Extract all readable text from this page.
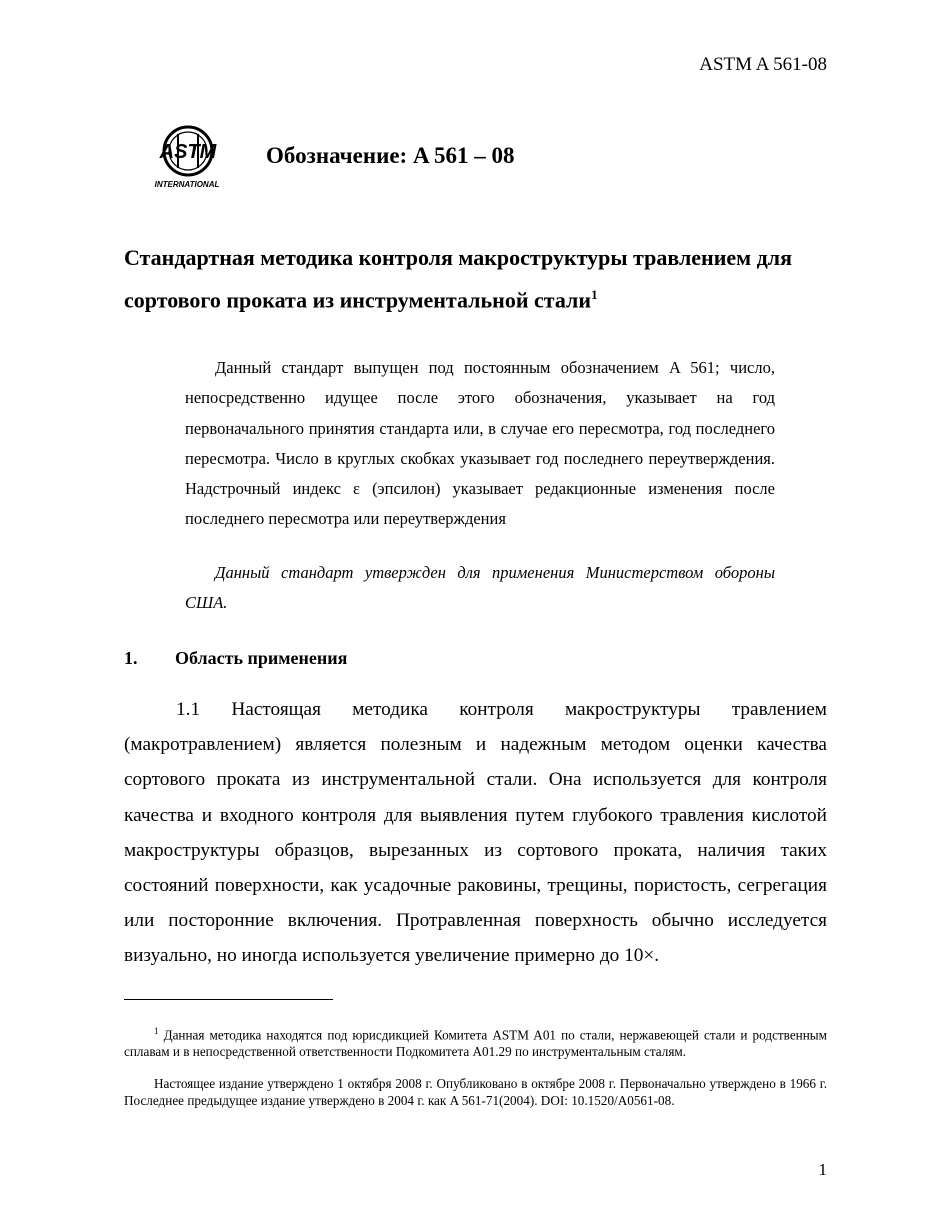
ASTM A 561-08
ASTM
INTERNATIONAL
Обозначение: A 561 – 08
Стандартная методика контроля макроструктуры травлением для сортового проката из инструментальной стали$^1$

Данный стандарт выпущен под постоянным обозначением A 561; число, непосредственно идущее после этого обозначения, указывает на год первоначального принятия стандарта или, в случае его пересмотра, год последнего пересмотра. Число в круглых скобках указывает год последнего переутверждения. Надстрочный индекс ε (эпсилон) указывает редакционные изменения после последнего пересмотра или переутверждения

Данный стандарт утвержден для применения Министерством обороны США.

1. Область применения

1.1 Настоящая методика контроля макроструктуры травлением (макротравлением) является полезным и надежным методом оценки качества сортового проката из инструментальной стали. Она используется для контроля качества и входного контроля для выявления путем глубокого травления кислотой макроструктуры образцов, вырезанных из сортового проката, наличия таких состояний поверхности, как усадочные раковины, трещины, пористость, сегрегация или посторонние включения. Протравленная поверхность обычно исследуется визуально, но иногда используется увеличение примерно до 10×.

$^1$ Данная методика находятся под юрисдикцией Комитета ASTM A01 по стали, нержавеющей стали и родственным сплавам и в непосредственной ответственности Подкомитета A01.29 по инструментальным сталям.

Настоящее издание утверждено 1 октября 2008 г. Опубликовано в октябре 2008 г. Первоначально утверждено в 1966 г. Последнее предыдущее издание утверждено в 2004 г. как A 561-71(2004). DOI: 10.1520/A0561-08.

1
